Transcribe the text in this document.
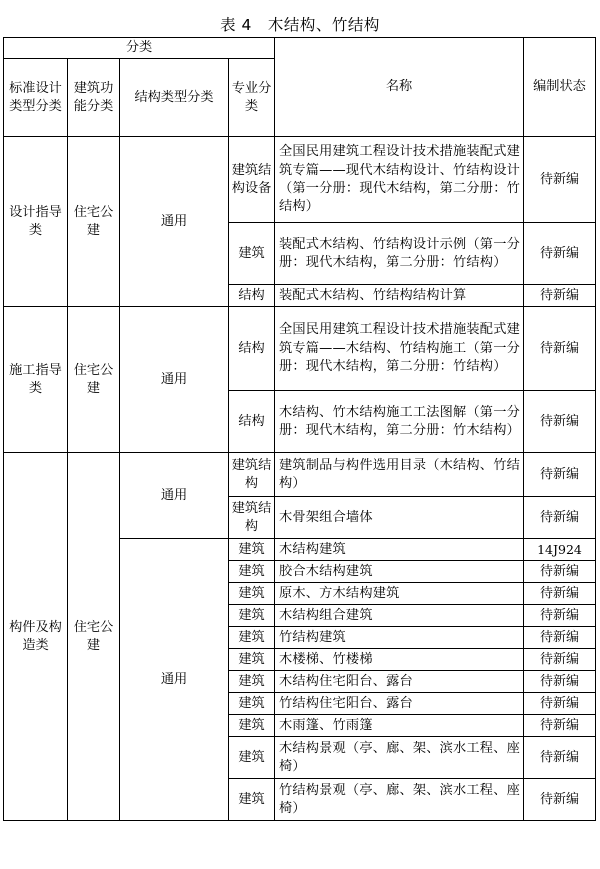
表 4　木结构、竹结构
分类				名称	编制状态
标准设计类型分类	建筑功能分类	结构类型分类	专业分类		
设计指导类	住宅公建	通用	建筑结构设备	全国民用建筑工程设计技术措施装配式建筑专篇——现代木结构设计、竹结构设计（第一分册：现代木结构，第二分册：竹结构）	待新编
			建筑	装配式木结构、竹结构设计示例（第一分册：现代木结构，第二分册：竹结构）	待新编
			结构	装配式木结构、竹结构结构计算	待新编
施工指导类	住宅公建	通用	结构	全国民用建筑工程设计技术措施装配式建筑专篇——木结构、竹结构施工（第一分册：现代木结构，第二分册：竹结构）	待新编
			结构	木结构、竹木结构施工工法图解（第一分册：现代木结构，第二分册：竹木结构）	待新编
构件及构造类	住宅公建	通用	建筑结构	建筑制品与构件选用目录（木结构、竹结构）	待新编
			建筑结构	木骨架组合墙体	待新编
		通用	建筑	木结构建筑	14J924
			建筑	胶合木结构建筑	待新编
			建筑	原木、方木结构建筑	待新编
			建筑	木结构组合建筑	待新编
			建筑	竹结构建筑	待新编
			建筑	木楼梯、竹楼梯	待新编
			建筑	木结构住宅阳台、露台	待新编
			建筑	竹结构住宅阳台、露台	待新编
			建筑	木雨篷、竹雨篷	待新编
			建筑	木结构景观（亭、廊、架、滨水工程、座椅）	待新编
			建筑	竹结构景观（亭、廊、架、滨水工程、座椅）	待新编
